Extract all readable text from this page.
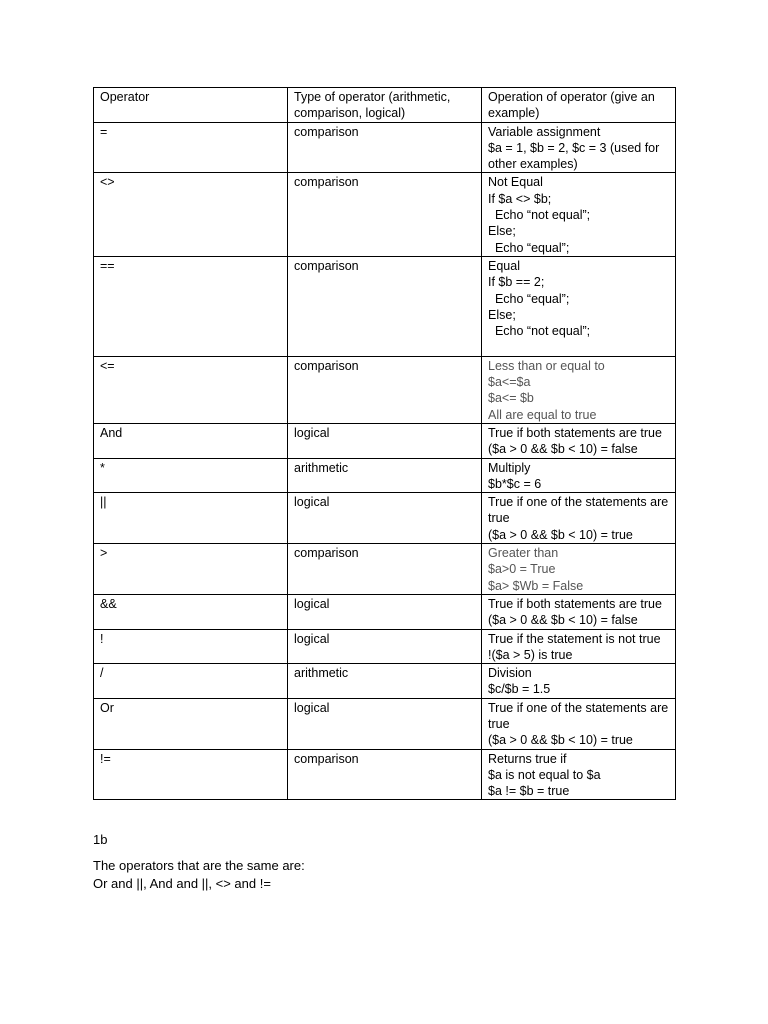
Operator	Type of operator (arithmetic, comparison, logical)	Operation of operator (give an example)
=	comparison	Variable assignment
$a = 1, $b = 2, $c = 3 (used for other examples)

<>	comparison	Not Equal
If $a <> $b;
Echo “not equal”;
Else;
Echo “equal”;

==	comparison	Equal
If $b == 2;
Echo “equal”;
Else;
Echo “not equal”;

<=	comparison	Less than or equal to
$a<=$a
$a<= $b
All are equal to true

And	logical	True if both statements are true
($a > 0 && $b < 10) = false

*	arithmetic	Multiply
$b*$c = 6

||	logical	True if one of the statements are true
($a > 0 && $b < 10) = true

>	comparison	Greater than
$a>0 = True
$a> $Wb = False

&&	logical	True if both statements are true
($a > 0 && $b < 10) = false

!	logical	True if the statement is not true
!($a > 5) is true

/	arithmetic	Division
$c/$b = 1.5

Or	logical	True if one of the statements are true
($a > 0 && $b < 10) = true

!=	comparison	Returns true if
$a is not equal to $a
$a != $b = true
1b
The operators that are the same are:
Or and ||, And and ||, <> and !=
